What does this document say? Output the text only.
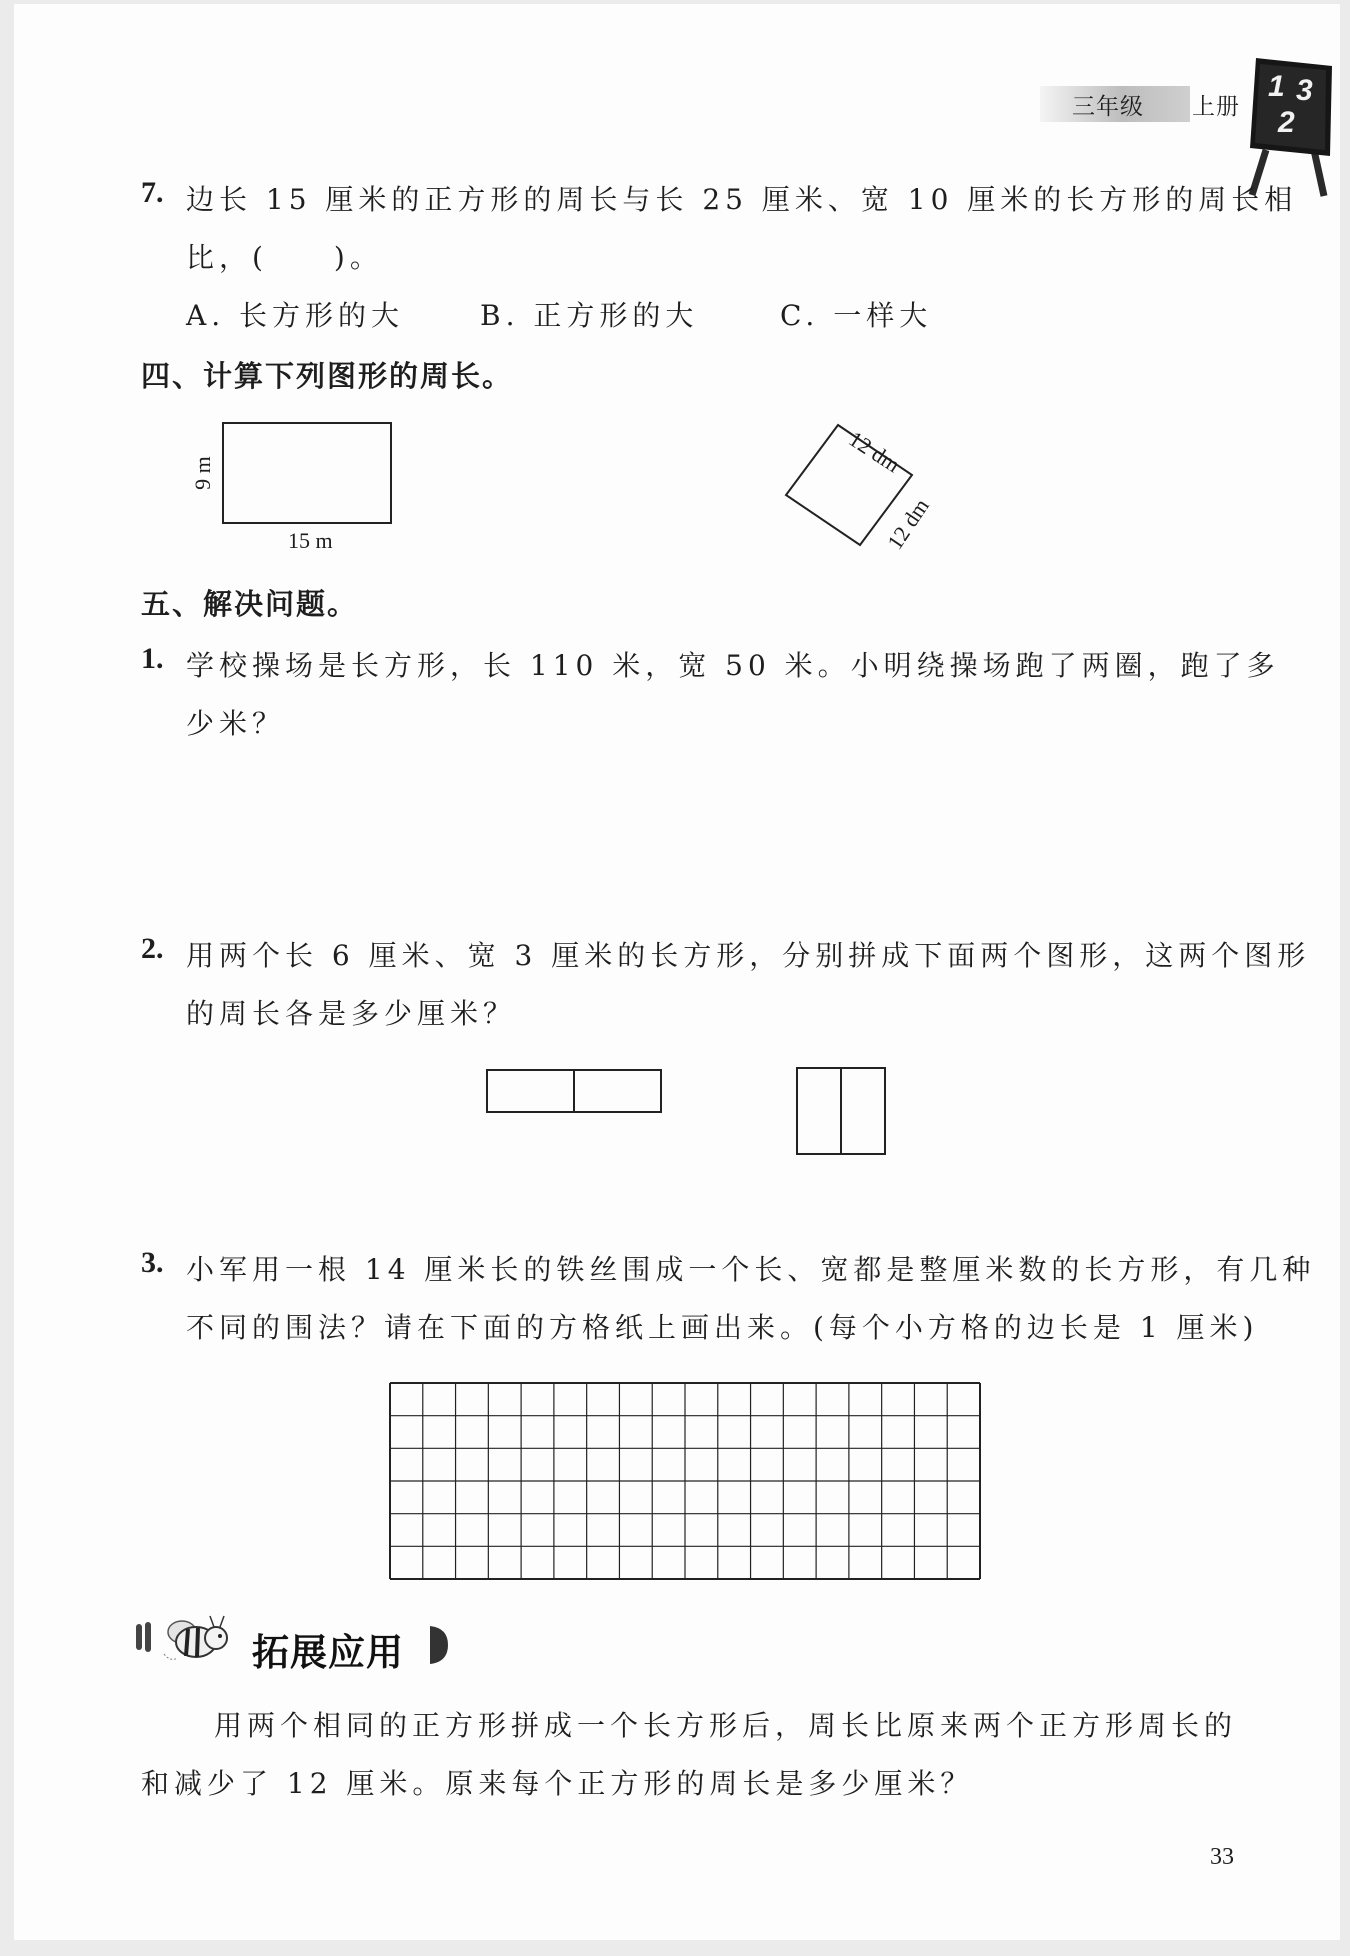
三年级 上册
1 3
2
7. 边长 15 厘米的正方形的周长与长 25 厘米、宽 10 厘米的长方形的周长相
比，(　　)。
A. 长方形的大	B. 正方形的大	C. 一样大
四、计算下列图形的周长。
9 m
15 m
12 dm
12 dm
五、解决问题。
1. 学校操场是长方形，长 110 米，宽 50 米。小明绕操场跑了两圈，跑了多
少米？
2. 用两个长 6 厘米、宽 3 厘米的长方形，分别拼成下面两个图形，这两个图形
的周长各是多少厘米？
3. 小军用一根 14 厘米长的铁丝围成一个长、宽都是整厘米数的长方形，有几种
不同的围法？请在下面的方格纸上画出来。(每个小方格的边长是 1 厘米)
拓展应用
用两个相同的正方形拼成一个长方形后，周长比原来两个正方形周长的
和减少了 12 厘米。原来每个正方形的周长是多少厘米？
33
